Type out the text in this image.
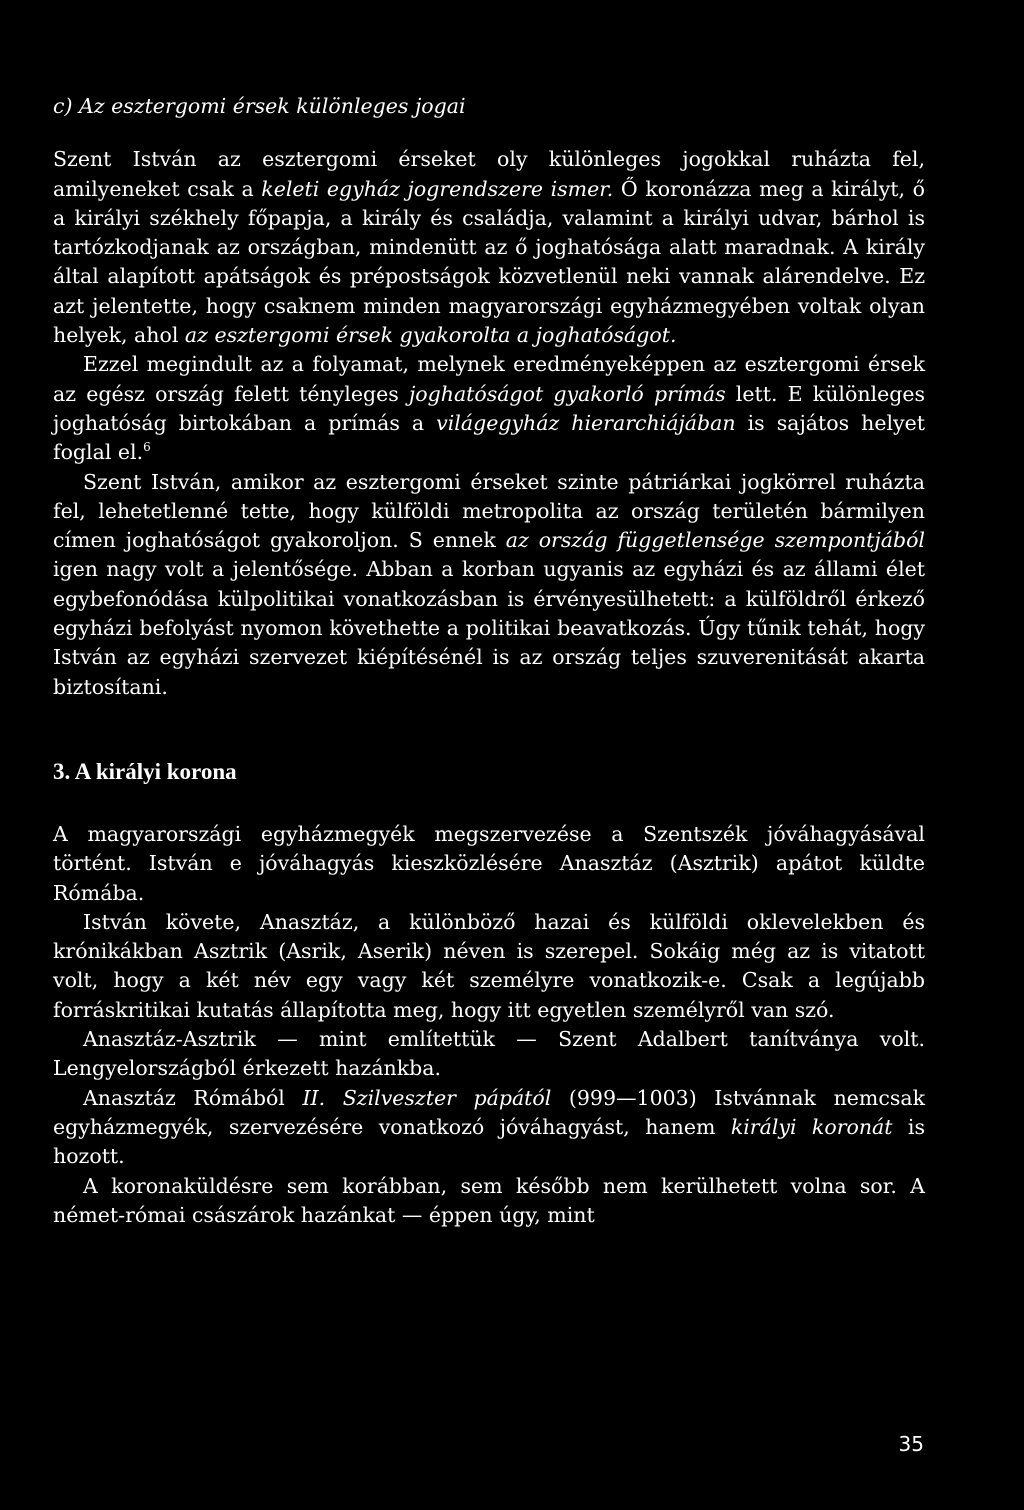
c) Az esztergomi érsek különleges jogai

Szent István az esztergomi érseket oly különleges jogokkal ruházta fel, amilyeneket csak a keleti egyház jogrendszere ismer. Ő koronázza meg a királyt, ő a királyi székhely főpapja, a király és családja, valamint a királyi udvar, bárhol is tartózkodjanak az országban, mindenütt az ő joghatósága alatt maradnak. A király által alapított apátságok és prépostságok közvetlenül neki vannak alárendelve. Ez azt jelentette, hogy csaknem minden magyarországi egyházmegyében voltak olyan helyek, ahol az esztergomi érsek gyakorolta a joghatóságot.

Ezzel megindult az a folyamat, melynek eredményeképpen az esztergomi érsek az egész ország felett tényleges joghatóságot gyakorló prímás lett. E különleges joghatóság birtokában a prímás a világegyház hierarchiájában is sajátos helyet foglal el.$^6$

Szent István, amikor az esztergomi érseket szinte pátriárkai jogkörrel ruházta fel, lehetetlenné tette, hogy külföldi metropolita az ország területén bármilyen címen joghatóságot gyakoroljon. S ennek az ország függetlensége szempontjából igen nagy volt a jelentősége. Abban a korban ugyanis az egyházi és az állami élet egybefonódása külpolitikai vonatkozásban is érvényesülhetett: a külföldről érkező egyházi befolyást nyomon követhette a politikai beavatkozás. Úgy tűnik tehát, hogy István az egyházi szervezet kiépítésénél is az ország teljes szuverenitását akarta biztosítani.

3. A királyi korona

A magyarországi egyházmegyék megszervezése a Szentszék jóváhagyásával történt. István e jóváhagyás kieszközlésére Anasztáz (Asztrik) apátot küldte Rómába.

István követe, Anasztáz, a különböző hazai és külföldi oklevelekben és krónikákban Asztrik (Asrik, Aserik) néven is szerepel. Sokáig még az is vitatott volt, hogy a két név egy vagy két személyre vonatkozik-e. Csak a legújabb forráskritikai kutatás állapította meg, hogy itt egyetlen személyről van szó.

Anasztáz-Asztrik — mint említettük — Szent Adalbert tanítványa volt. Lengyelországból érkezett hazánkba.

Anasztáz Rómából II. Szilveszter pápától (999—1003) Istvánnak nemcsak egyházmegyék, szervezésére vonatkozó jóváhagyást, hanem királyi koronát is hozott.

A koronaküldésre sem korábban, sem később nem kerülhetett volna sor. A német-római császárok hazánkat — éppen úgy, mint

35
